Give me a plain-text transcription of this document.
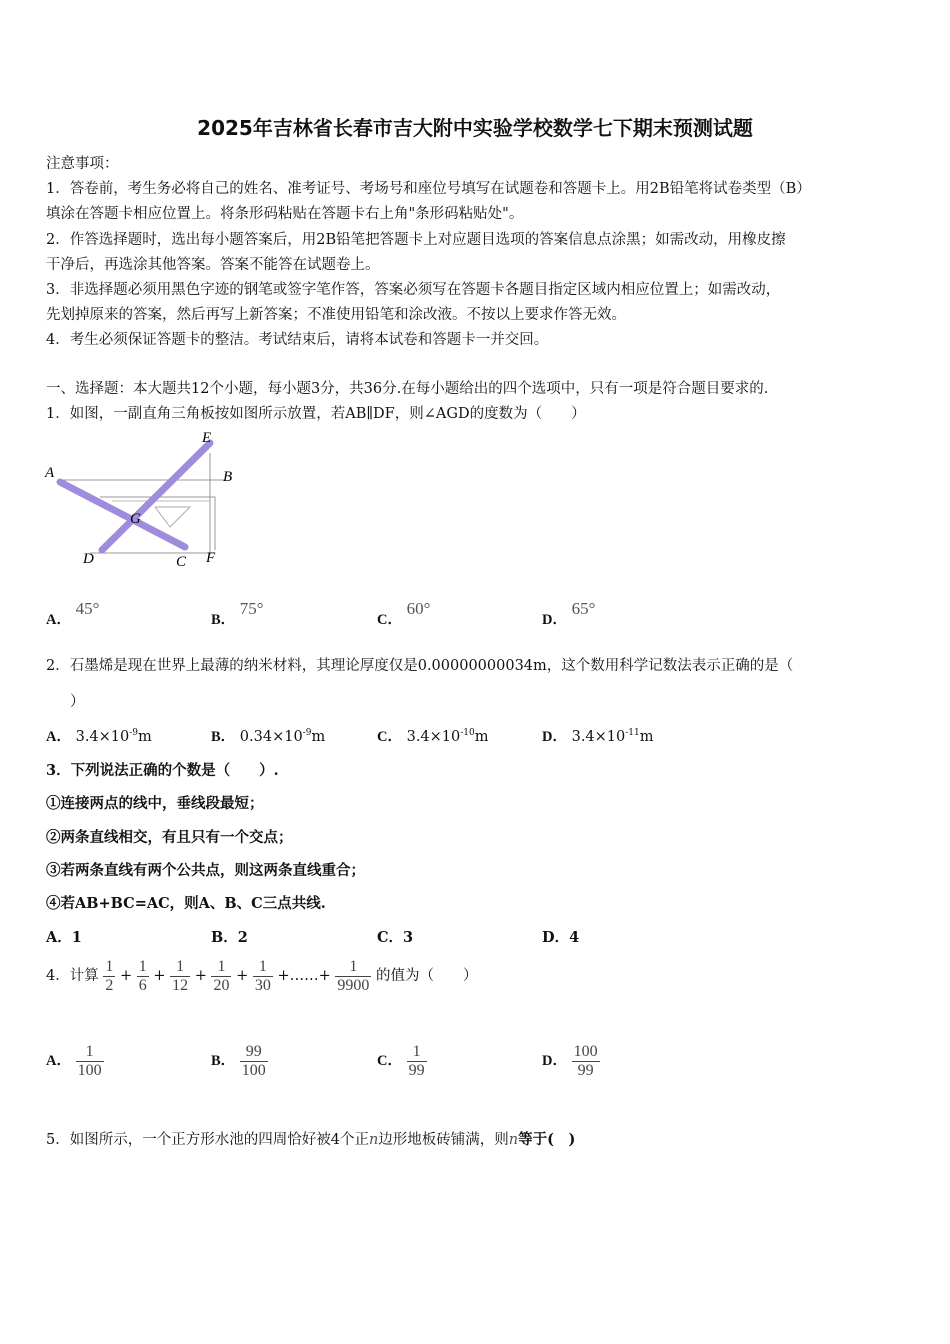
2025年吉林省长春市吉大附中实验学校数学七下期末预测试题
注意事项：
1．答卷前，考生务必将自己的姓名、准考证号、考场号和座位号填写在试题卷和答题卡上。用2B铅笔将试卷类型（B）
填涂在答题卡相应位置上。将条形码粘贴在答题卡右上角"条形码粘贴处"。
2．作答选择题时，选出每小题答案后，用2B铅笔把答题卡上对应题目选项的答案信息点涂黑；如需改动，用橡皮擦
干净后，再选涂其他答案。答案不能答在试题卷上。
3．非选择题必须用黑色字迹的钢笔或签字笔作答，答案必须写在答题卡各题目指定区域内相应位置上；如需改动，
先划掉原来的答案，然后再写上新答案；不准使用铅笔和涂改液。不按以上要求作答无效。
4．考生必须保证答题卡的整洁。考试结束后，请将本试卷和答题卡一并交回。
一、选择题：本大题共12个小题，每小题3分，共36分.在每小题给出的四个选项中，只有一项是符合题目要求的.
1．如图，一副直角三角板按如图所示放置，若AB∥DF，则∠AGD的度数为（　　）
E
A	B
G
D	C F
A． 45°
B． 75°
C． 60°
D． 65°
2．石墨烯是现在世界上最薄的纳米材料，其理论厚度仅是0.00000000034m，这个数用科学记数法表示正确的是（
）
A． $3.4\times 10^{-9}m$	B． $0.34\times 10^{-9}m$	C． $3.4\times 10^{-10}m$	D． $3.4\times 10^{-11}m$
3．下列说法正确的个数是（　　）.
①连接两点的线中，垂线段最短；
②两条直线相交，有且只有一个交点；
③若两条直线有两个公共点，则这两条直线重合；
④若AB+BC=AC，则A、B、C三点共线.
A．1	B．2	C．3	D．4
4．计算 $\frac{1}{2} + \frac{1}{6} + \frac{1}{12} + \frac{1}{20} + \frac{1}{30}$ +……+ $\frac{1}{9900}$ 的值为（　　）
A． $\frac{1}{100}$	B． $\frac{99}{100}$	C． $\frac{1}{99}$	D． $\frac{100}{99}$
5．如图所示，一个正方形水池的四周恰好被4个正n边形地板砖铺满，则n等于(　)
